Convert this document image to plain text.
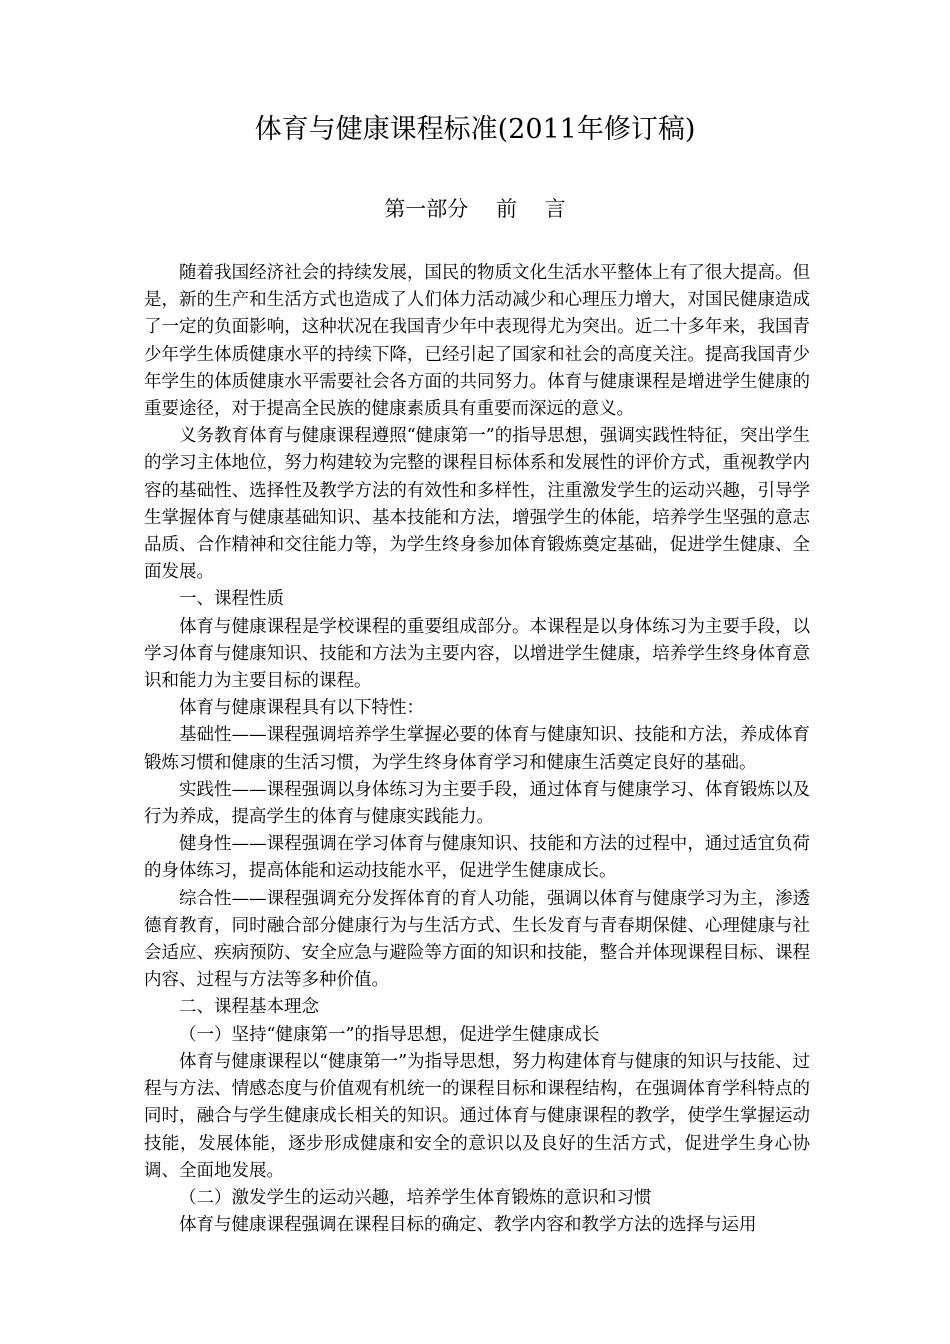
体育与健康课程标准(2011年修订稿)
第一部分　 前　 言

随着我国经济社会的持续发展，国民的物质文化生活水平整体上有了很大提高。但是，新的生产和生活方式也造成了人们体力活动减少和心理压力增大，对国民健康造成了一定的负面影响，这种状况在我国青少年中表现得尤为突出。近二十多年来，我国青少年学生体质健康水平的持续下降，已经引起了国家和社会的高度关注。提高我国青少年学生的体质健康水平需要社会各方面的共同努力。体育与健康课程是增进学生健康的重要途径，对于提高全民族的健康素质具有重要而深远的意义。

义务教育体育与健康课程遵照“健康第一”的指导思想，强调实践性特征，突出学生的学习主体地位，努力构建较为完整的课程目标体系和发展性的评价方式，重视教学内容的基础性、选择性及教学方法的有效性和多样性，注重激发学生的运动兴趣，引导学生掌握体育与健康基础知识、基本技能和方法，增强学生的体能，培养学生坚强的意志品质、合作精神和交往能力等，为学生终身参加体育锻炼奠定基础，促进学生健康、全面发展。

一、课程性质

体育与健康课程是学校课程的重要组成部分。本课程是以身体练习为主要手段，以学习体育与健康知识、技能和方法为主要内容，以增进学生健康，培养学生终身体育意识和能力为主要目标的课程。

体育与健康课程具有以下特性：

基础性——课程强调培养学生掌握必要的体育与健康知识、技能和方法，养成体育锻炼习惯和健康的生活习惯，为学生终身体育学习和健康生活奠定良好的基础。

实践性——课程强调以身体练习为主要手段，通过体育与健康学习、体育锻炼以及行为养成，提高学生的体育与健康实践能力。

健身性——课程强调在学习体育与健康知识、技能和方法的过程中，通过适宜负荷的身体练习，提高体能和运动技能水平，促进学生健康成长。

综合性——课程强调充分发挥体育的育人功能，强调以体育与健康学习为主，渗透德育教育，同时融合部分健康行为与生活方式、生长发育与青春期保健、心理健康与社会适应、疾病预防、安全应急与避险等方面的知识和技能，整合并体现课程目标、课程内容、过程与方法等多种价值。

二、课程基本理念

（一）坚持“健康第一”的指导思想，促进学生健康成长

体育与健康课程以“健康第一”为指导思想，努力构建体育与健康的知识与技能、过程与方法、情感态度与价值观有机统一的课程目标和课程结构，在强调体育学科特点的同时，融合与学生健康成长相关的知识。通过体育与健康课程的教学，使学生掌握运动技能，发展体能，逐步形成健康和安全的意识以及良好的生活方式，促进学生身心协调、全面地发展。

（二）激发学生的运动兴趣，培养学生体育锻炼的意识和习惯

体育与健康课程强调在课程目标的确定、教学内容和教学方法的选择与运用
